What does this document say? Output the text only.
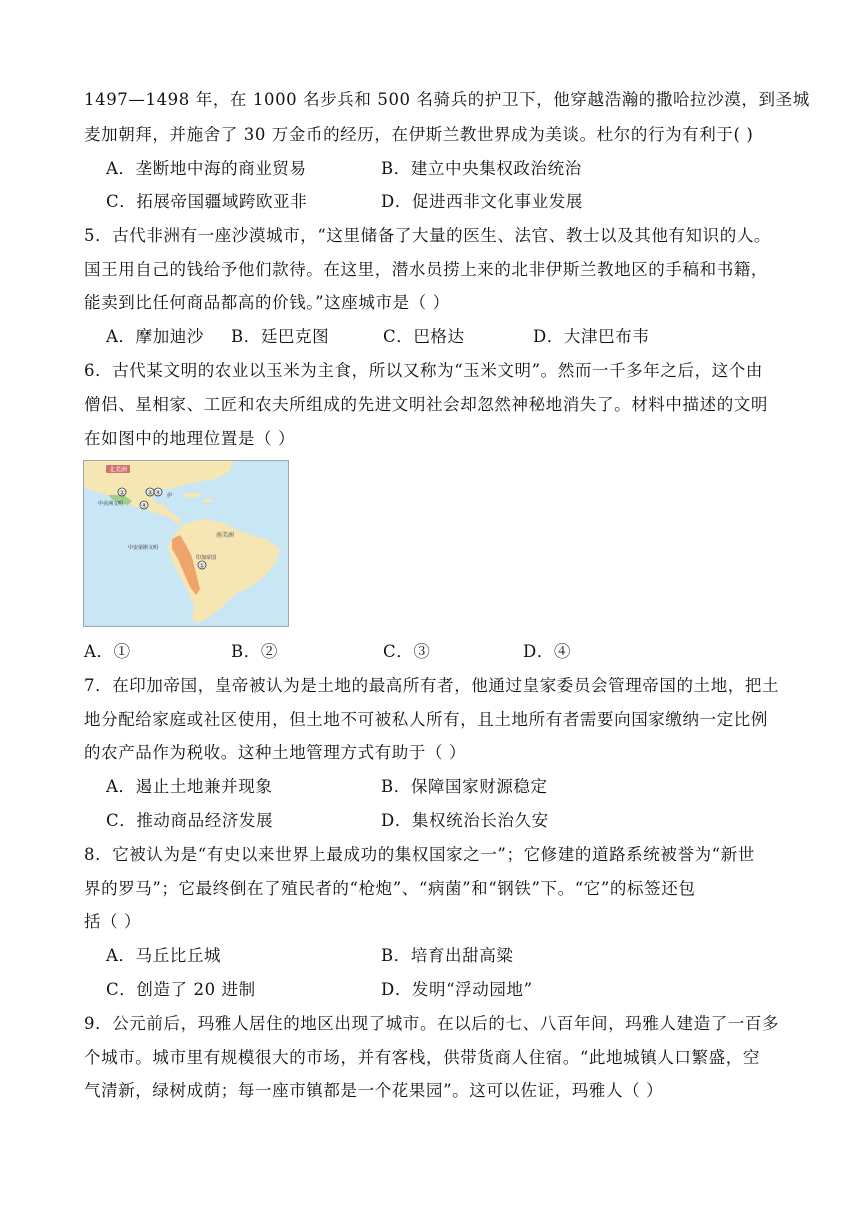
1497—1498 年，在 1000 名步兵和 500 名骑兵的护卫下，他穿越浩瀚的撒哈拉沙漠，到圣城
麦加朝拜，并施舍了 30 万金币的经历，在伊斯兰教世界成为美谈。杜尔的行为有利于( )
A．垄断地中海的商业贸易	B．建立中央集权政治统治
C．拓展帝国疆域跨欧亚非	D．促进西非文化事业发展
5．古代非洲有一座沙漠城市，“这里储备了大量的医生、法官、教士以及其他有知识的人。
国王用自己的钱给予他们款待。在这里，潜水员捞上来的北非伊斯兰教地区的手稿和书籍，
能卖到比任何商品都高的价钱。”这座城市是（ ）
A．摩加迪沙 B．廷巴克图	C．巴格达	D．大津巴布韦
6．古代某文明的农业以玉米为主食，所以又称为“玉米文明”。然而一千多年之后，这个由
僧侣、星相家、工匠和农夫所组成的先进文明社会却忽然神秘地消失了。材料中描述的文明
在如图中的地理位置是（ ）
北美洲
中美洲文明
印加帝国
南美洲
中安第斯文明
伊
②	③ ④
④
①
A．①	B．②	C．③	D．④
7．在印加帝国，皇帝被认为是土地的最高所有者，他通过皇家委员会管理帝国的土地，把土
地分配给家庭或社区使用，但土地不可被私人所有，且土地所有者需要向国家缴纳一定比例
的农产品作为税收。这种土地管理方式有助于（ ）
A．遏止土地兼并现象	B．保障国家财源稳定
C．推动商品经济发展	D．集权统治长治久安
8．它被认为是“有史以来世界上最成功的集权国家之一”；它修建的道路系统被誉为“新世
界的罗马”；它最终倒在了殖民者的“枪炮”、“病菌”和“钢铁”下。“它”的标签还包
括（ ）
A．马丘比丘城	B．培育出甜高粱
C．创造了 20 进制	D．发明“浮动园地”
9．公元前后，玛雅人居住的地区出现了城市。在以后的七、八百年间，玛雅人建造了一百多
个城市。城市里有规模很大的市场，并有客栈，供带货商人住宿。“此地城镇人口繁盛，空
气清新，绿树成荫；每一座市镇都是一个花果园”。这可以佐证，玛雅人（ ）
